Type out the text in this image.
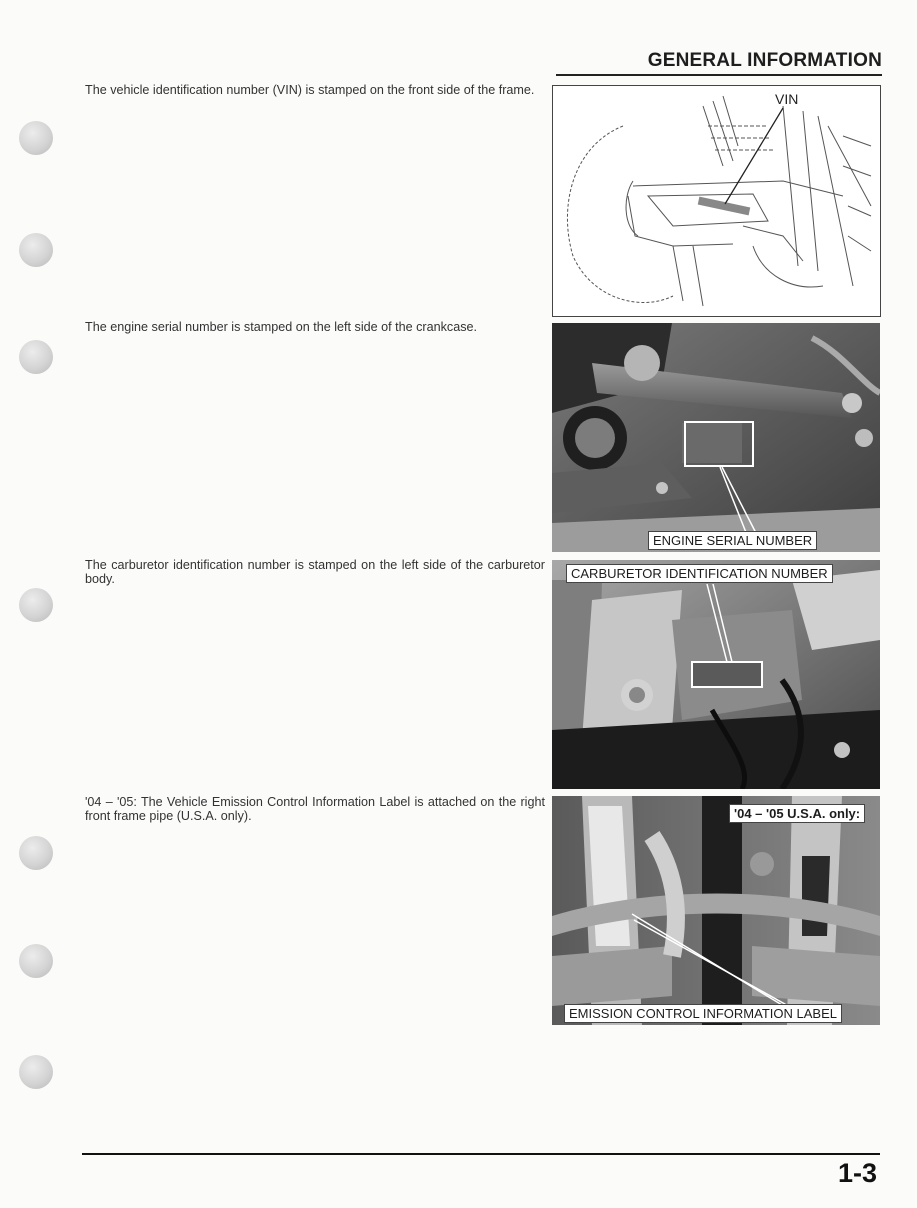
GENERAL INFORMATION
The vehicle identification number (VIN) is stamped on the front side of the frame.
The engine serial number is stamped on the left side of the crankcase.
The carburetor identification number is stamped on the left side of the carburetor body.
'04 – '05: The Vehicle Emission Control Information Label is attached on the right front frame pipe (U.S.A. only).
VIN
ENGINE SERIAL NUMBER
CARBURETOR IDENTIFICATION NUMBER
'04 – '05 U.S.A. only:
EMISSION CONTROL INFORMATION LABEL
1-3
